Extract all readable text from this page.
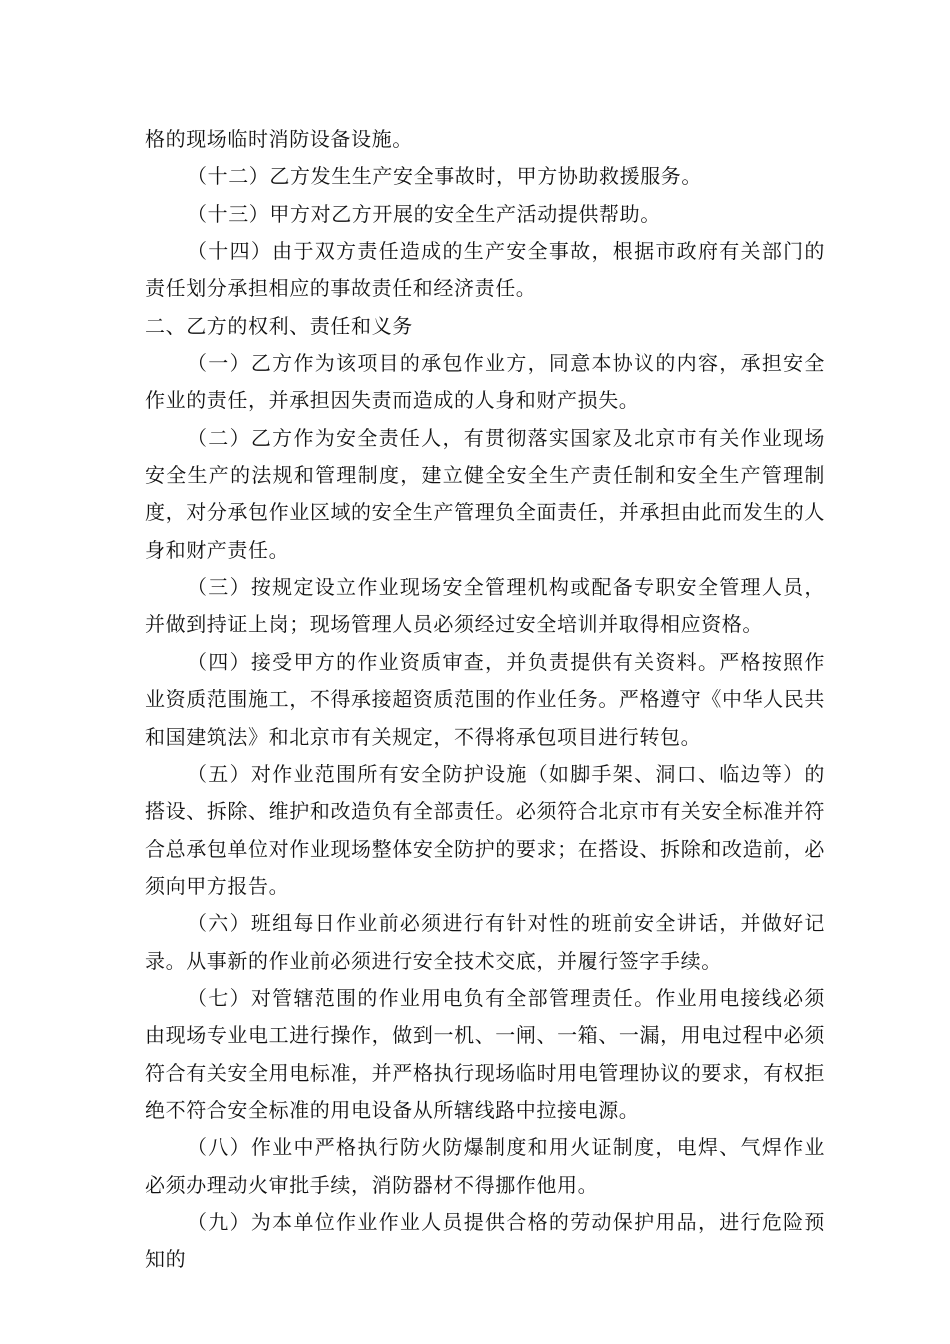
格的现场临时消防设备设施。

（十二）乙方发生生产安全事故时，甲方协助救援服务。

（十三）甲方对乙方开展的安全生产活动提供帮助。

（十四）由于双方责任造成的生产安全事故，根据市政府有关部门的责任划分承担相应的事故责任和经济责任。

二、乙方的权利、责任和义务

（一）乙方作为该项目的承包作业方，同意本协议的内容，承担安全作业的责任，并承担因失责而造成的人身和财产损失。

（二）乙方作为安全责任人，有贯彻落实国家及北京市有关作业现场安全生产的法规和管理制度，建立健全安全生产责任制和安全生产管理制度，对分承包作业区域的安全生产管理负全面责任，并承担由此而发生的人身和财产责任。

（三）按规定设立作业现场安全管理机构或配备专职安全管理人员，并做到持证上岗；现场管理人员必须经过安全培训并取得相应资格。

（四）接受甲方的作业资质审查，并负责提供有关资料。严格按照作业资质范围施工，不得承接超资质范围的作业任务。严格遵守《中华人民共和国建筑法》和北京市有关规定，不得将承包项目进行转包。

（五）对作业范围所有安全防护设施（如脚手架、洞口、临边等）的搭设、拆除、维护和改造负有全部责任。必须符合北京市有关安全标准并符合总承包单位对作业现场整体安全防护的要求；在搭设、拆除和改造前，必须向甲方报告。

（六）班组每日作业前必须进行有针对性的班前安全讲话，并做好记录。从事新的作业前必须进行安全技术交底，并履行签字手续。

（七）对管辖范围的作业用电负有全部管理责任。作业用电接线必须由现场专业电工进行操作，做到一机、一闸、一箱、一漏，用电过程中必须符合有关安全用电标准，并严格执行现场临时用电管理协议的要求，有权拒绝不符合安全标准的用电设备从所辖线路中拉接电源。

（八）作业中严格执行防火防爆制度和用火证制度，电焊、气焊作业必须办理动火审批手续，消防器材不得挪作他用。

（九）为本单位作业作业人员提供合格的劳动保护用品，进行危险预知的
